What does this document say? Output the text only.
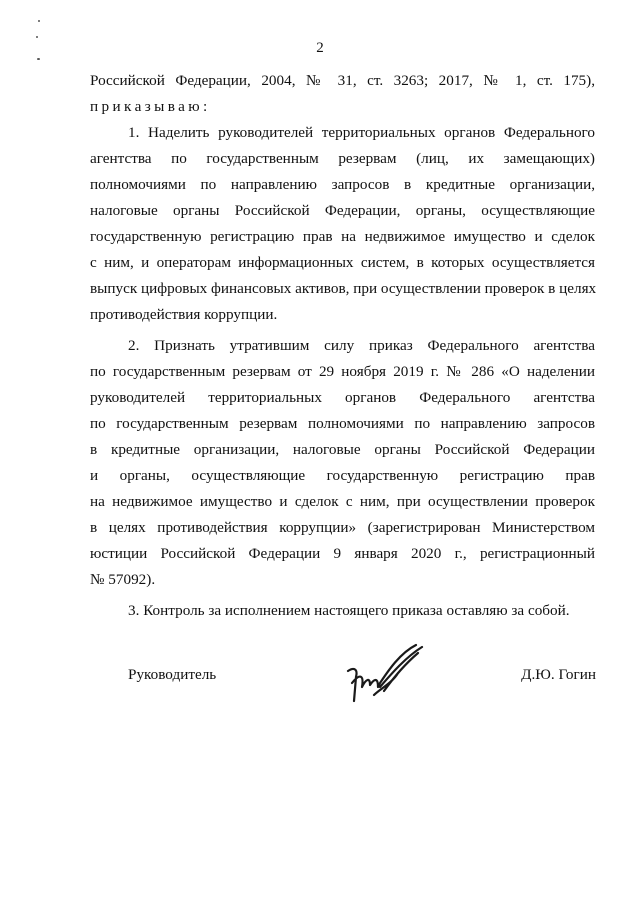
2
Российской Федерации, 2004, № 31, ст. 3263; 2017, № 1, ст. 175),
приказываю:
1. Наделить руководителей территориальных органов Федерального
агентства по государственным резервам (лиц, их замещающих)
полномочиями по направлению запросов в кредитные организации,
налоговые органы Российской Федерации, органы, осуществляющие
государственную регистрацию прав на недвижимое имущество и сделок
с ним, и операторам информационных систем, в которых осуществляется
выпуск цифровых финансовых активов, при осуществлении проверок в целях
противодействия коррупции.
2. Признать утратившим силу приказ Федерального агентства
по государственным резервам от 29 ноября 2019 г. № 286 «О наделении
руководителей территориальных органов Федерального агентства
по государственным резервам полномочиями по направлению запросов
в кредитные организации, налоговые органы Российской Федерации
и органы, осуществляющие государственную регистрацию прав
на недвижимое имущество и сделок с ним, при осуществлении проверок
в целях противодействия коррупции» (зарегистрирован Министерством
юстиции Российской Федерации 9 января 2020 г., регистрационный
№ 57092).
3. Контроль за исполнением настоящего приказа оставляю за собой.
Руководитель	Д.Ю. Гогин
